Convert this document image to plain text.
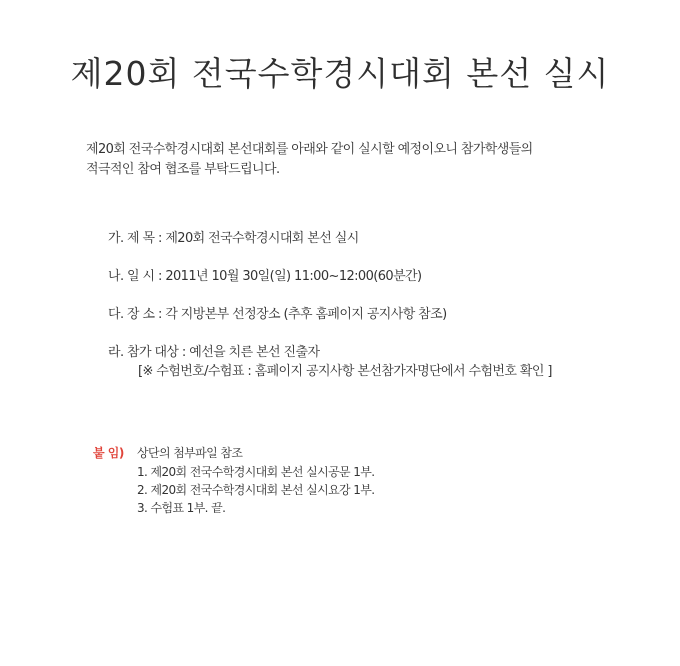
제20회 전국수학경시대회 본선 실시
제20회 전국수학경시대회 본선대회를 아래와 같이 실시할 예정이오니 참가학생들의
적극적인 참여 협조를 부탁드립니다.
가. 제 목 : 제20회 전국수학경시대회 본선 실시
나. 일 시 : 2011년 10월 30일(일) 11:00~12:00(60분간)
다. 장 소 : 각 지방본부 선정장소 (추후 홈페이지 공지사항 참조)
라. 참가 대상 : 예선을 치른 본선 진출자
[※ 수험번호/수험표 : 홈페이지 공지사항 본선참가자명단에서 수험번호 확인 ]
붙 임) 상단의 첨부파일 참조
1. 제20회 전국수학경시대회 본선 실시공문 1부.
2. 제20회 전국수학경시대회 본선 실시요강 1부.
3. 수험표 1부. 끝.
